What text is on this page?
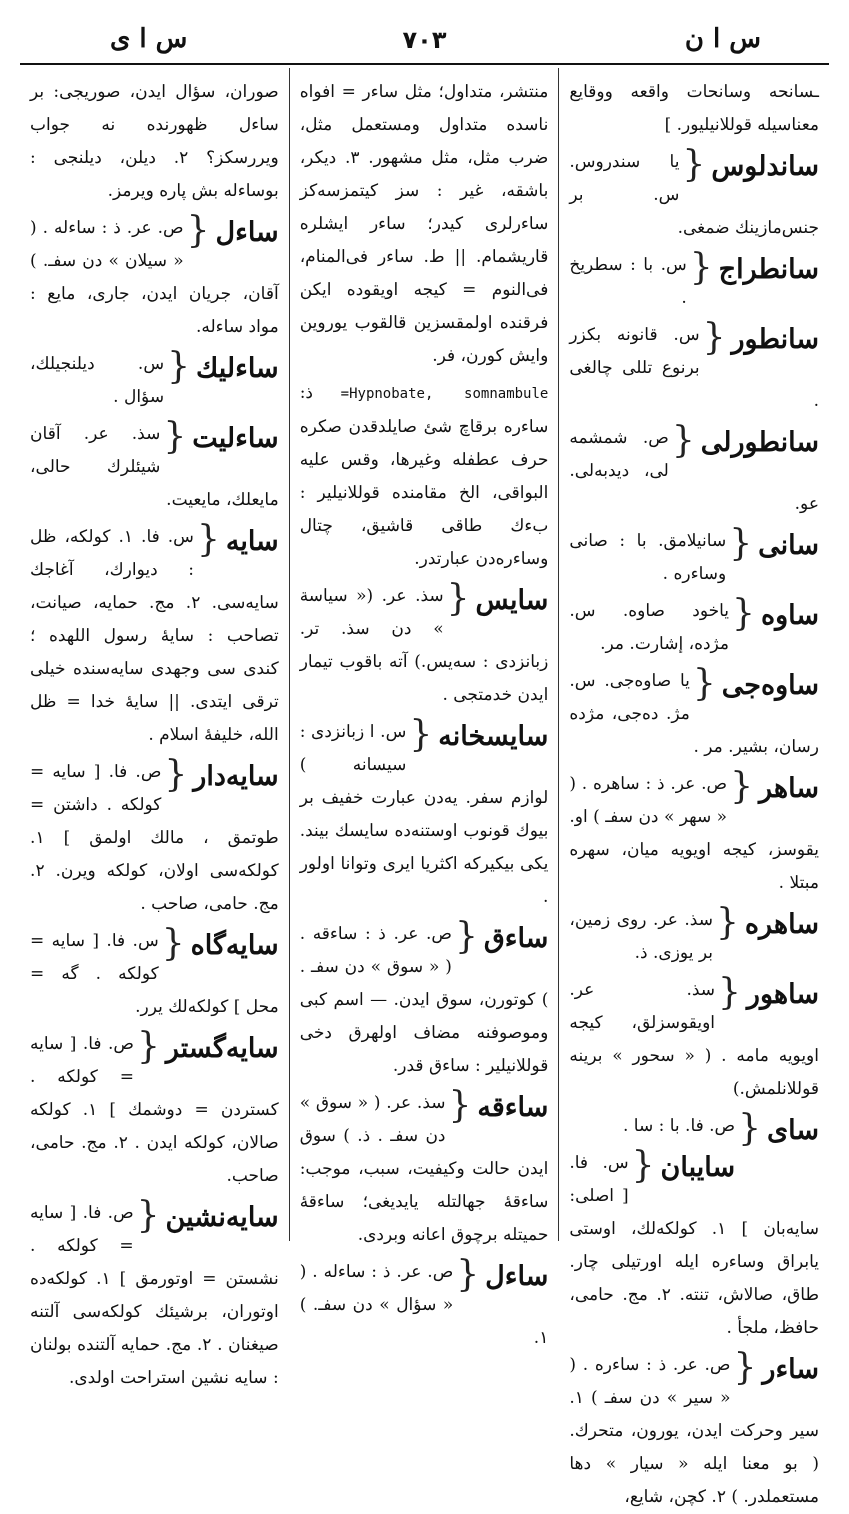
س ا ن
٧٠٣
س ا ى
ـسانحه وسانحات واقعه ووقايع معناسيله قوللانيليور. ]
ساندلوس
{
يا سندروس. س. بر جنس‌مازينك ضمغى.
سانطراج
{
س. با : سطريخ .
سانطور
{
س. قانونه بكزر برنوع تللى چالغى .
سانطورلى
{
ص. شمشمه لى، ديدبه‌لى. عو.
سانى
{
سانيلامق. با : صانى وساءره .
ساوه
{
ياخود صاوه. س. مژده، إشارت. مر.
ساوه‌جى
{
يا صاوه‌جى. س. مژ. ده‌جى، مژده رسان، بشير. مر .
ساهر
{
ص. عر. ذ : ساهره . ( « سهر » دن سفـ ) او. يقوسز، كيجه اويويه ميان، سهره مبتلا .
ساهره
{
سذ. عر. روى زمين، بر يوزى. ذ.
ساهور
{
سذ. عر. اويقوسزلق، كيجه اويويه مامه . ( « سحور » برينه قوللانلمش.)
ساى
{
ص. فا. با : سا .
سايبان
{
س. فا. [ اصلى: سايه‌بان ] ١. كولكه‌لك، اوستى يابراق وساءره ايله اورتيلى چار. طاق، صالاش، تنته. ٢. مج. حامى، حافظ، ملجأ .
ساءر
{
ص. عر. ذ : ساءره . ( « سير » دن سفـ ) ١. سير وحركت ايدن، يورون، متحرك. ( بو معنا ايله « سيار » دها مستعملدر. ) ٢. كچن، شايع،
منتشر، متداول؛ مثل ساءر = افواه ناسده متداول ومستعمل مثل، ضرب مثل، مثل مشهور. ٣. ديكر، باشقه، غير : سز كيتمزسه‌كز ساءرلرى كيدر؛ ساءر ايشلره قاريشمام. || ط. ساءر فى‌المنام، فى‌النوم = كيجه اويقوده ايكن فرقنده اولمقسزين قالقوب يوروين وايش كورن، فر.
=Hypnobate, somnambule ذ: ساءره برقاچ شئ صايلدقدن صكره حرف عطفله وغيرها، وقس عليه البواقى، الخ مقامنده قوللانيلير : بءك طاقى قاشيق، چتال وساءره‌دن عبارتدر.
سايس
{
سذ. عر. (« سياسة » دن سذ. تر. زبانزدى : سه‌يس.) آته باقوب تيمار ايدن خدمتجى .
سايسخانه
{
س. ا زبانزدى : سيسانه ) لوازم سفر. يه‌دن عبارت خفيف بر بيوك قونوب اوستنه‌ده سايسك بيند. يكى بيكيركه اكثريا ايرى وتوانا اولور .
ساءق
{
ص. عر. ذ : ساءقه . ( « سوق » دن سفـ . ) كوتورن، سوق ايدن. — اسم كبى وموصوفنه مضاف اولهرق دخى قوللانيلير : ساءق قدر.
ساءقه
{
سذ. عر. ( « سوق » دن سفـ . ذ. ) سوق ايدن حالت وكيفيت، سبب، موجب: ساءقهٔ جهالتله يايديغى؛ ساءقهٔ حميتله برچوق اعانه وبردى.
ساءل
{
ص. عر. ذ : ساءله . ( « سؤال » دن سفـ. ) ١.
صوران، سؤال ايدن، صوريجى: بر ساءل ظهورنده نه جواب ويررسكز؟ ٢. ديلن، ديلنجى : بوساءله بش پاره ويرمز.
ساءل
{
ص. عر. ذ : ساءله . ( « سيلان » دن سفـ. ) آقان، جريان ايدن، جارى، مايع : مواد ساءله.
ساءليك
{
س. ديلنجيلك، سؤال .
ساءليت
{
سذ. عر. آقان شيئلرك حالى، مايعلك، مايعيت.
سايه
{
س. فا. ١. كولكه، ظل : ديوارك، آغاجك سايه‌سى. ٢. مج. حمايه، صيانت، تصاحب : سايهٔ رسول اللهده ؛ كندى سى وجهدى سايه‌سنده خيلى ترقى ايتدى. || سايهٔ خدا = ظل الله، خليفهٔ اسلام .
سايه‌دار
{
ص. فا. [ سايه = كولكه . داشتن = طوتمق ، مالك اولمق ] ١. كولكه‌سى اولان، كولكه ويرن. ٢. مج. حامى، صاحب .
سايه‌گاه
{
س. فا. [ سايه = كولكه . گه = محل ] كولكه‌لك يرر.
سايه‌گستر
{
ص. فا. [ سايه = كولكه . كستردن = دوشمك ] ١. كولكه صالان، كولكه ايدن . ٢. مج. حامى، صاحب.
سايه‌نشين
{
ص. فا. [ سايه = كولكه . نشستن = اوتورمق ] ١. كولكه‌ده اوتوران، برشيئك كولكه‌سى آلتنه صيغنان . ٢. مج. حمايه آلتنده بولنان : سايه نشين استراحت اولدى.
